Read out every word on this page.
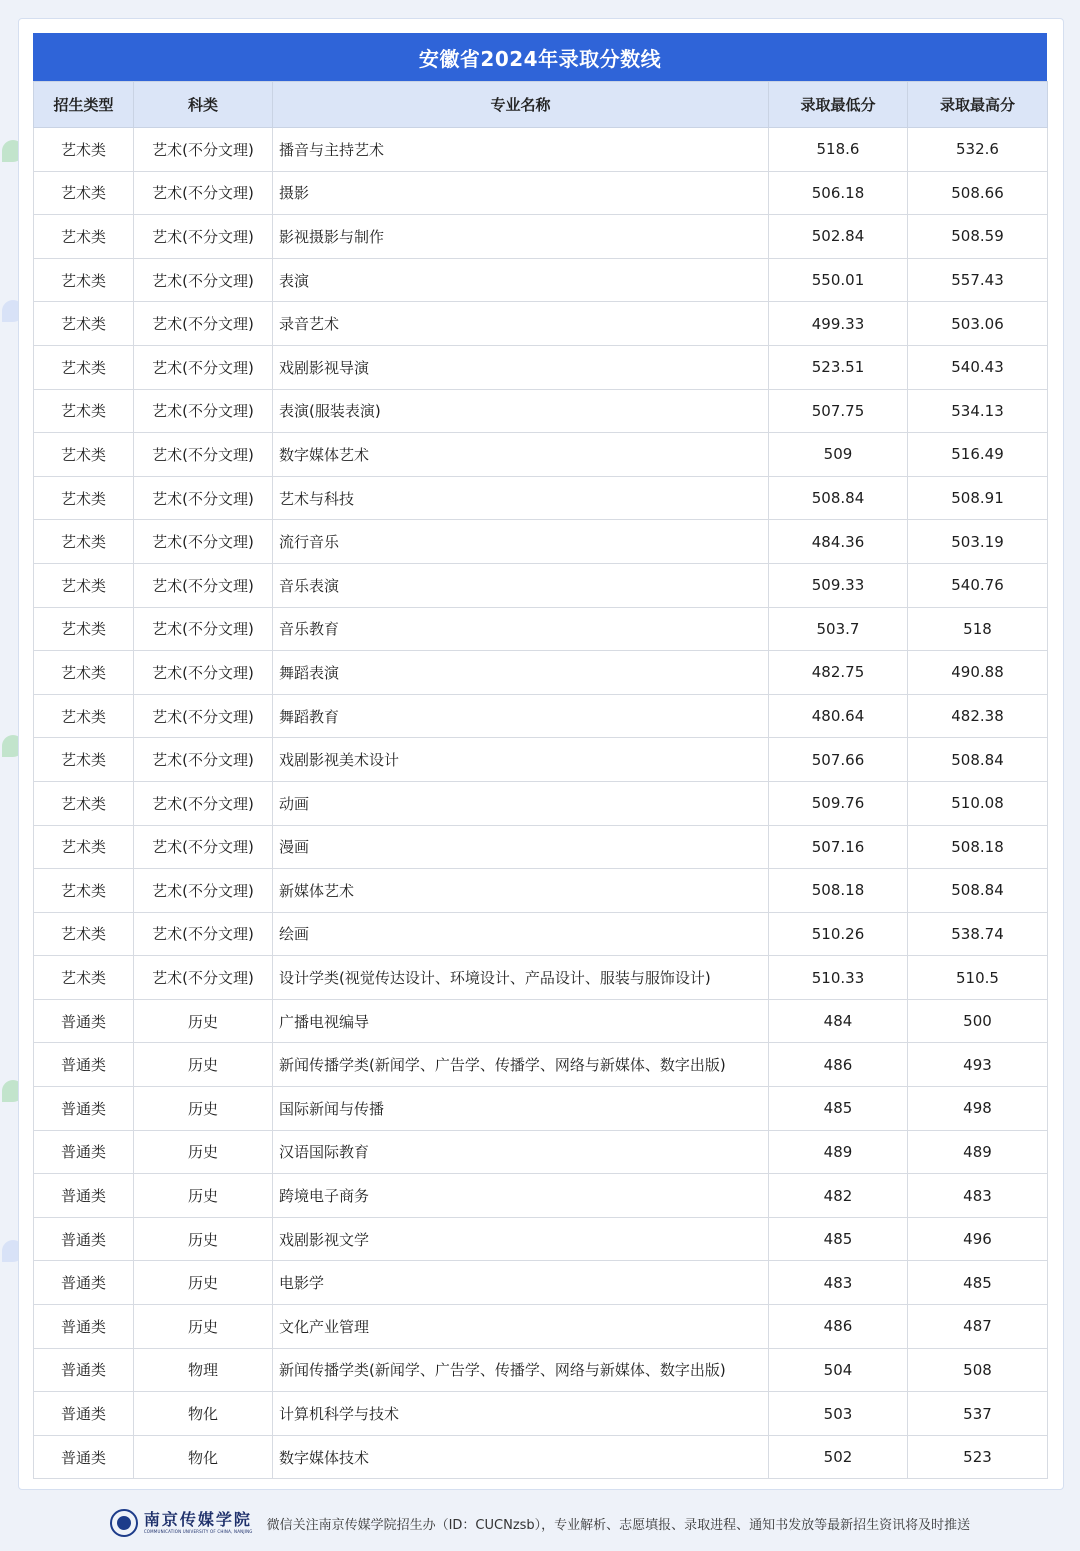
安徽省2024年录取分数线
招生类型	科类	专业名称	录取最低分	录取最高分
艺术类	艺术(不分文理)	播音与主持艺术	518.6	532.6
艺术类	艺术(不分文理)	摄影	506.18	508.66
艺术类	艺术(不分文理)	影视摄影与制作	502.84	508.59
艺术类	艺术(不分文理)	表演	550.01	557.43
艺术类	艺术(不分文理)	录音艺术	499.33	503.06
艺术类	艺术(不分文理)	戏剧影视导演	523.51	540.43
艺术类	艺术(不分文理)	表演(服装表演)	507.75	534.13
艺术类	艺术(不分文理)	数字媒体艺术	509	516.49
艺术类	艺术(不分文理)	艺术与科技	508.84	508.91
艺术类	艺术(不分文理)	流行音乐	484.36	503.19
艺术类	艺术(不分文理)	音乐表演	509.33	540.76
艺术类	艺术(不分文理)	音乐教育	503.7	518
艺术类	艺术(不分文理)	舞蹈表演	482.75	490.88
艺术类	艺术(不分文理)	舞蹈教育	480.64	482.38
艺术类	艺术(不分文理)	戏剧影视美术设计	507.66	508.84
艺术类	艺术(不分文理)	动画	509.76	510.08
艺术类	艺术(不分文理)	漫画	507.16	508.18
艺术类	艺术(不分文理)	新媒体艺术	508.18	508.84
艺术类	艺术(不分文理)	绘画	510.26	538.74
艺术类	艺术(不分文理)	设计学类(视觉传达设计、环境设计、产品设计、服装与服饰设计)	510.33	510.5
普通类	历史	广播电视编导	484	500
普通类	历史	新闻传播学类(新闻学、广告学、传播学、网络与新媒体、数字出版)	486	493
普通类	历史	国际新闻与传播	485	498
普通类	历史	汉语国际教育	489	489
普通类	历史	跨境电子商务	482	483
普通类	历史	戏剧影视文学	485	496
普通类	历史	电影学	483	485
普通类	历史	文化产业管理	486	487
普通类	物理	新闻传播学类(新闻学、广告学、传播学、网络与新媒体、数字出版)	504	508
普通类	物化	计算机科学与技术	503	537
普通类	物化	数字媒体技术	502	523
南京传媒学院
COMMUNICATION UNIVERSITY OF CHINA, NANJING 微信关注南京传媒学院招生办（ID：CUCNzsb），专业解析、志愿填报、录取进程、通知书发放等最新招生资讯将及时推送
